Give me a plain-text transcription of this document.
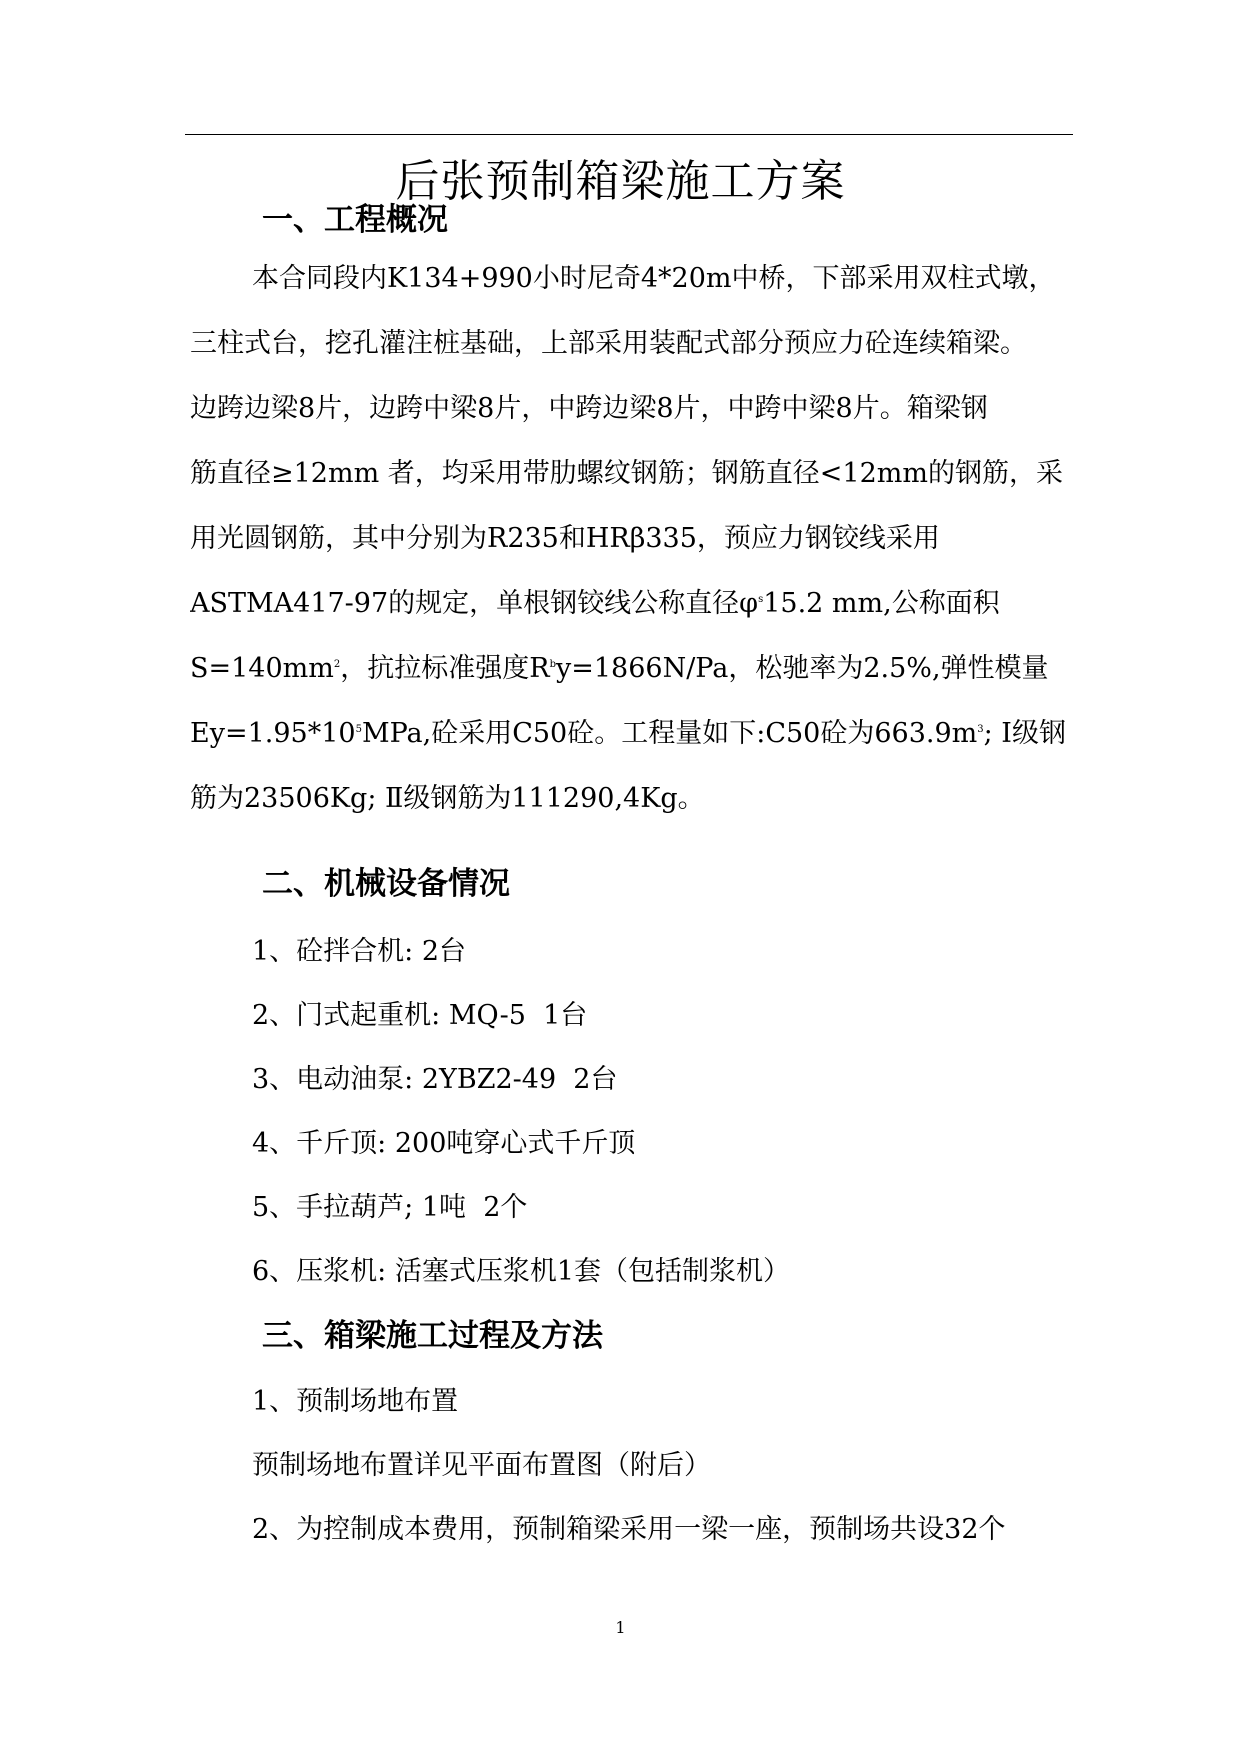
后张预制箱梁施工方案
一、工程概况
本合同段内K134+990小时尼奇4*20m中桥，下部采用双柱式墩，
三柱式台，挖孔灌注桩基础，上部采用装配式部分预应力砼连续箱梁。
边跨边梁8片，边跨中梁8片，中跨边梁8片，中跨中梁8片。箱梁钢
筋直径≥12mm 者，均采用带肋螺纹钢筋；钢筋直径<12mm的钢筋，采
用光圆钢筋，其中分别为R235和HRβ335，预应力钢铰线采用
ASTMA417-97的规定，单根钢铰线公称直径$\varphi^s15.2$ mm,公称面积
$S=140mm^2$，抗拉标准强度$R^by=1866N/Pa$，松驰率为2.5%,弹性模量
$Ey=1.95*10^5MPa$,砼采用C50砼。工程量如下:C50砼为$663.9m^3$; Ⅰ级钢
筋为23506Kg; Ⅱ级钢筋为111290,4Kg。
二、机械设备情况
1、砼拌合机: 2台
2、门式起重机: MQ-5  1台
3、电动油泵: 2YBZ2-49  2台
4、千斤顶: 200吨穿心式千斤顶
5、手拉葫芦; 1吨  2个
6、压浆机: 活塞式压浆机1套（包括制浆机）
三、箱梁施工过程及方法
1、预制场地布置
预制场地布置详见平面布置图（附后）
2、为控制成本费用，预制箱梁采用一梁一座，预制场共设32个
1
